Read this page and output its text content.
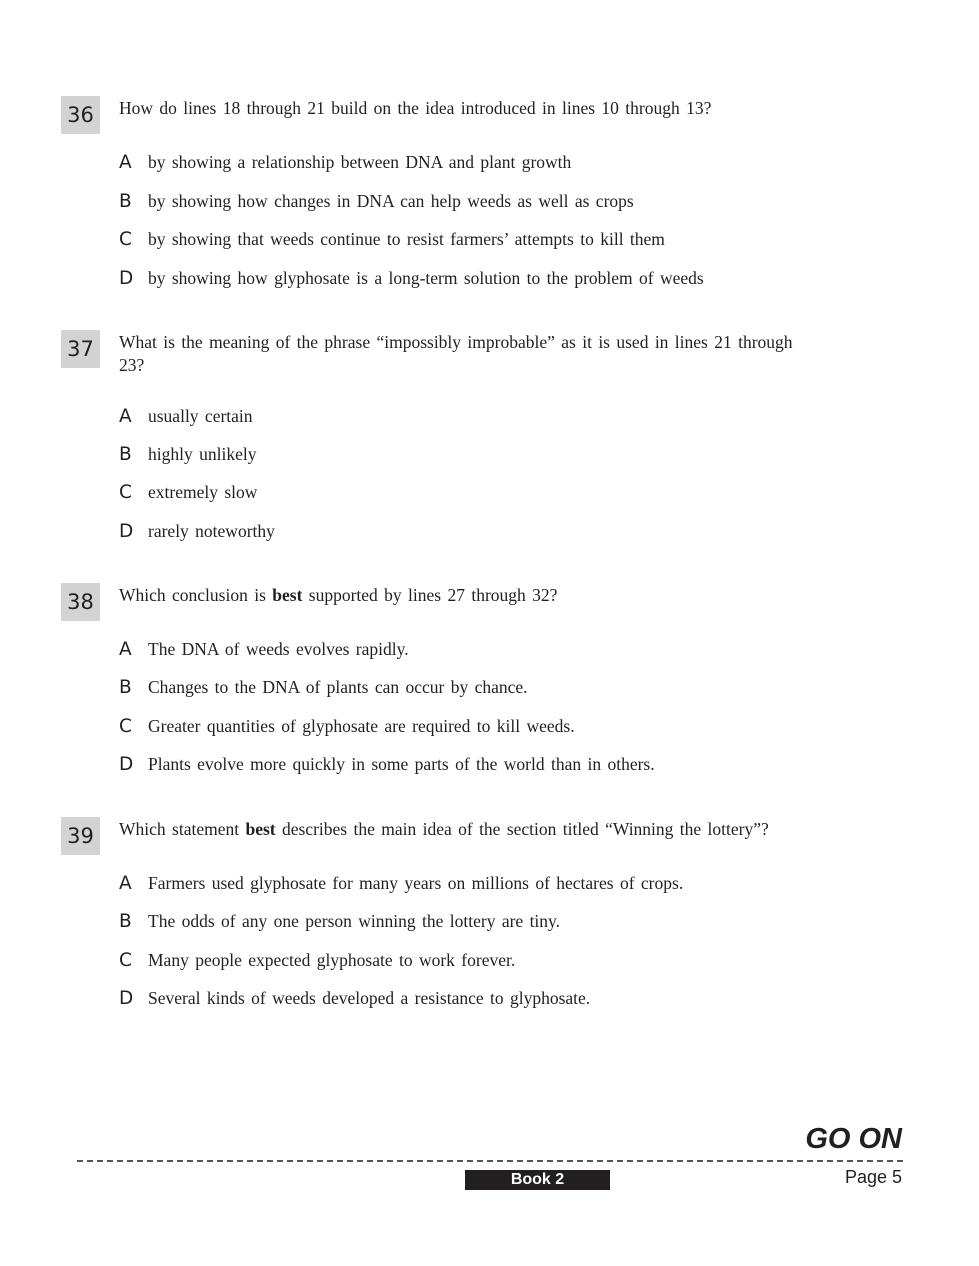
36	How do lines 18 through 21 build on the idea introduced in lines 10 through 13?
A by showing a relationship between DNA and plant growth
B by showing how changes in DNA can help weeds as well as crops
C by showing that weeds continue to resist farmers’ attempts to kill them
D by showing how glyphosate is a long-term solution to the problem of weeds
37	What is the meaning of the phrase “impossibly improbable” as it is used in lines 21 through 23?
A usually certain
B highly unlikely
C extremely slow
D rarely noteworthy
38	Which conclusion is best supported by lines 27 through 32?
A The DNA of weeds evolves rapidly.
B Changes to the DNA of plants can occur by chance.
C Greater quantities of glyphosate are required to kill weeds.
D Plants evolve more quickly in some parts of the world than in others.
39	Which statement best describes the main idea of the section titled “Winning the lottery”?
A Farmers used glyphosate for many years on millions of hectares of crops.
B The odds of any one person winning the lottery are tiny.
C Many people expected glyphosate to work forever.
D Several kinds of weeds developed a resistance to glyphosate.
GO ON
Book 2	Page 5
